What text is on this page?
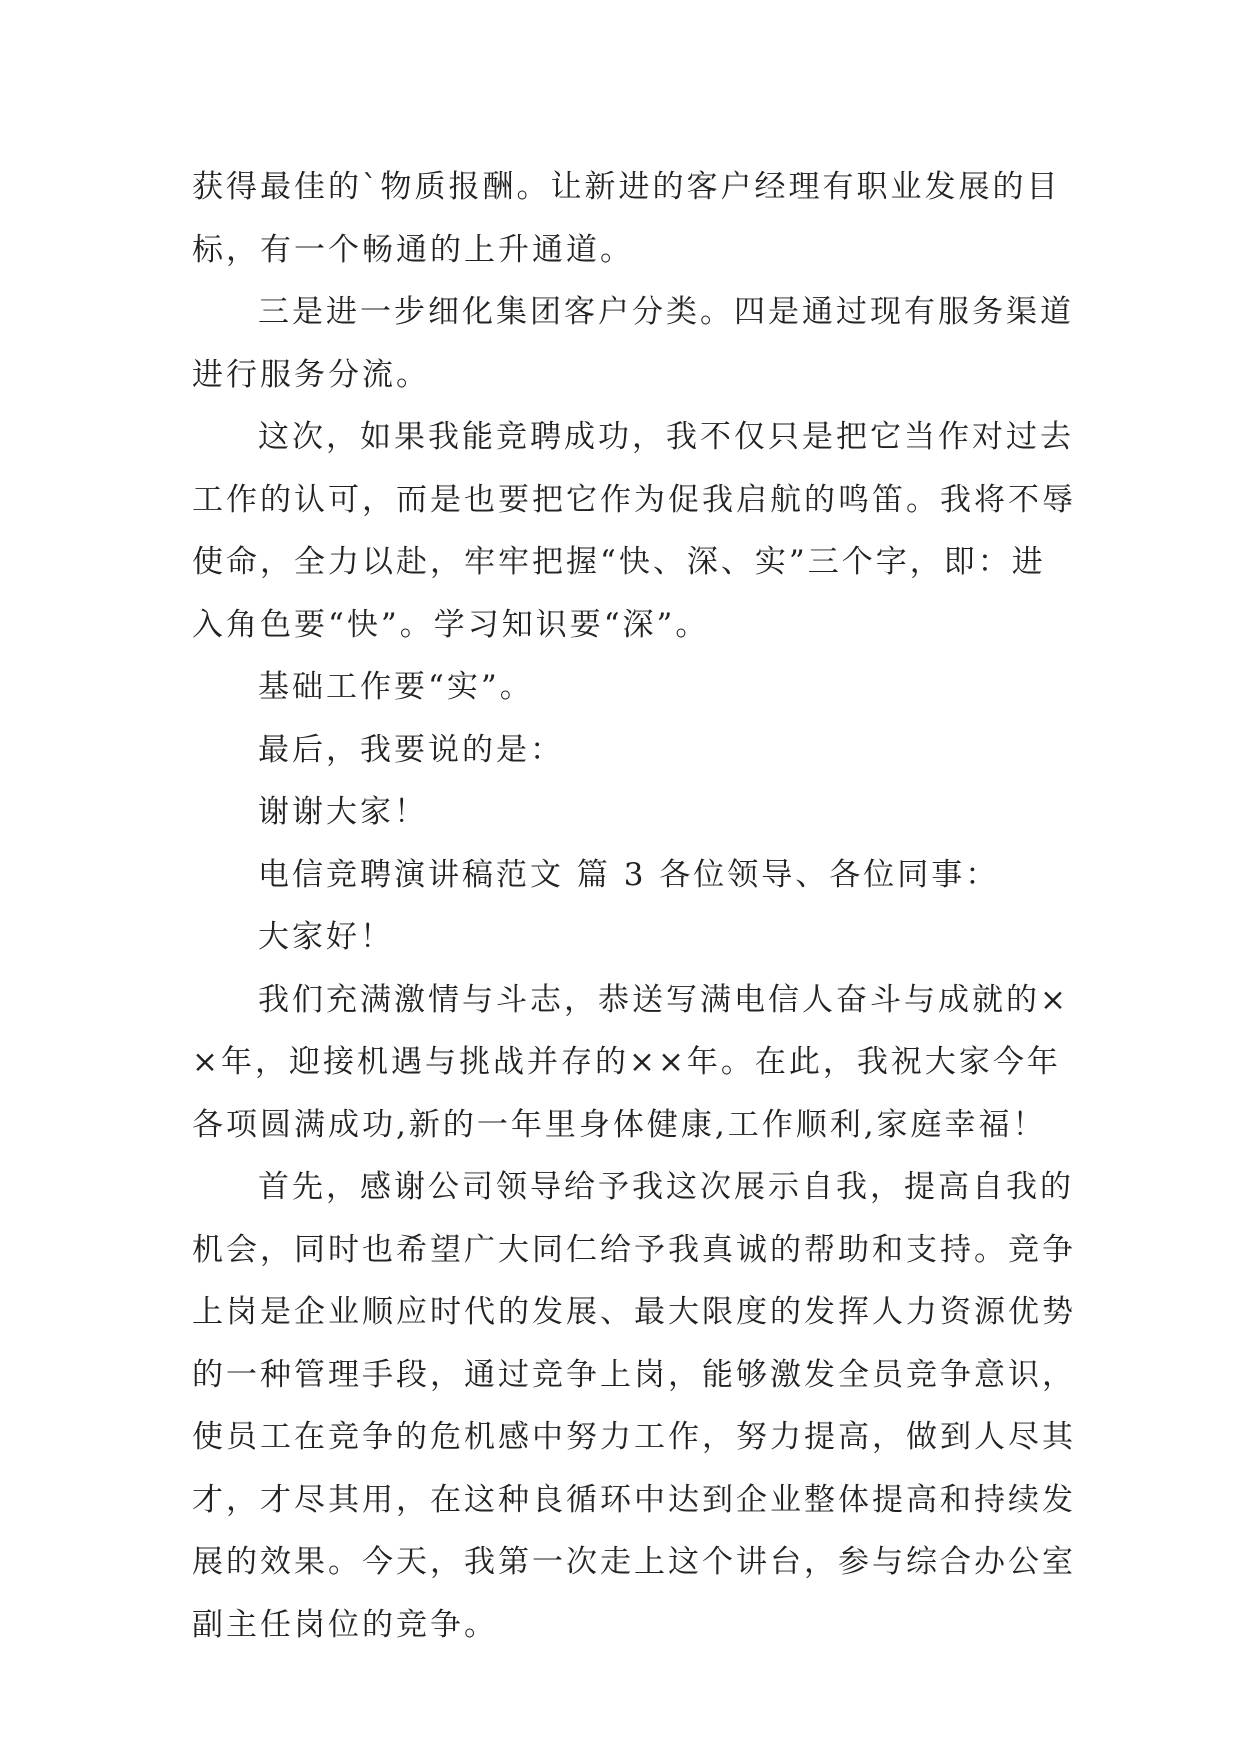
获得最佳的`物质报酬。让新进的客户经理有职业发展的目
标，有一个畅通的上升通道。
三是进一步细化集团客户分类。四是通过现有服务渠道
进行服务分流。
这次，如果我能竞聘成功，我不仅只是把它当作对过去
工作的认可，而是也要把它作为促我启航的鸣笛。我将不辱
使命，全力以赴，牢牢把握“快、深、实”三个字，即：进
入角色要“快”。学习知识要“深”。
基础工作要“实”。
最后，我要说的是：
谢谢大家！
电信竞聘演讲稿范文 篇 3 各位领导、各位同事：
大家好！
我们充满激情与斗志，恭送写满电信人奋斗与成就的×
×年，迎接机遇与挑战并存的××年。在此，我祝大家今年
各项圆满成功,新的一年里身体健康,工作顺利,家庭幸福！
首先，感谢公司领导给予我这次展示自我，提高自我的
机会，同时也希望广大同仁给予我真诚的帮助和支持。竞争
上岗是企业顺应时代的发展、最大限度的发挥人力资源优势
的一种管理手段，通过竞争上岗，能够激发全员竞争意识，
使员工在竞争的危机感中努力工作，努力提高，做到人尽其
才，才尽其用，在这种良循环中达到企业整体提高和持续发
展的效果。今天，我第一次走上这个讲台，参与综合办公室
副主任岗位的竞争。
